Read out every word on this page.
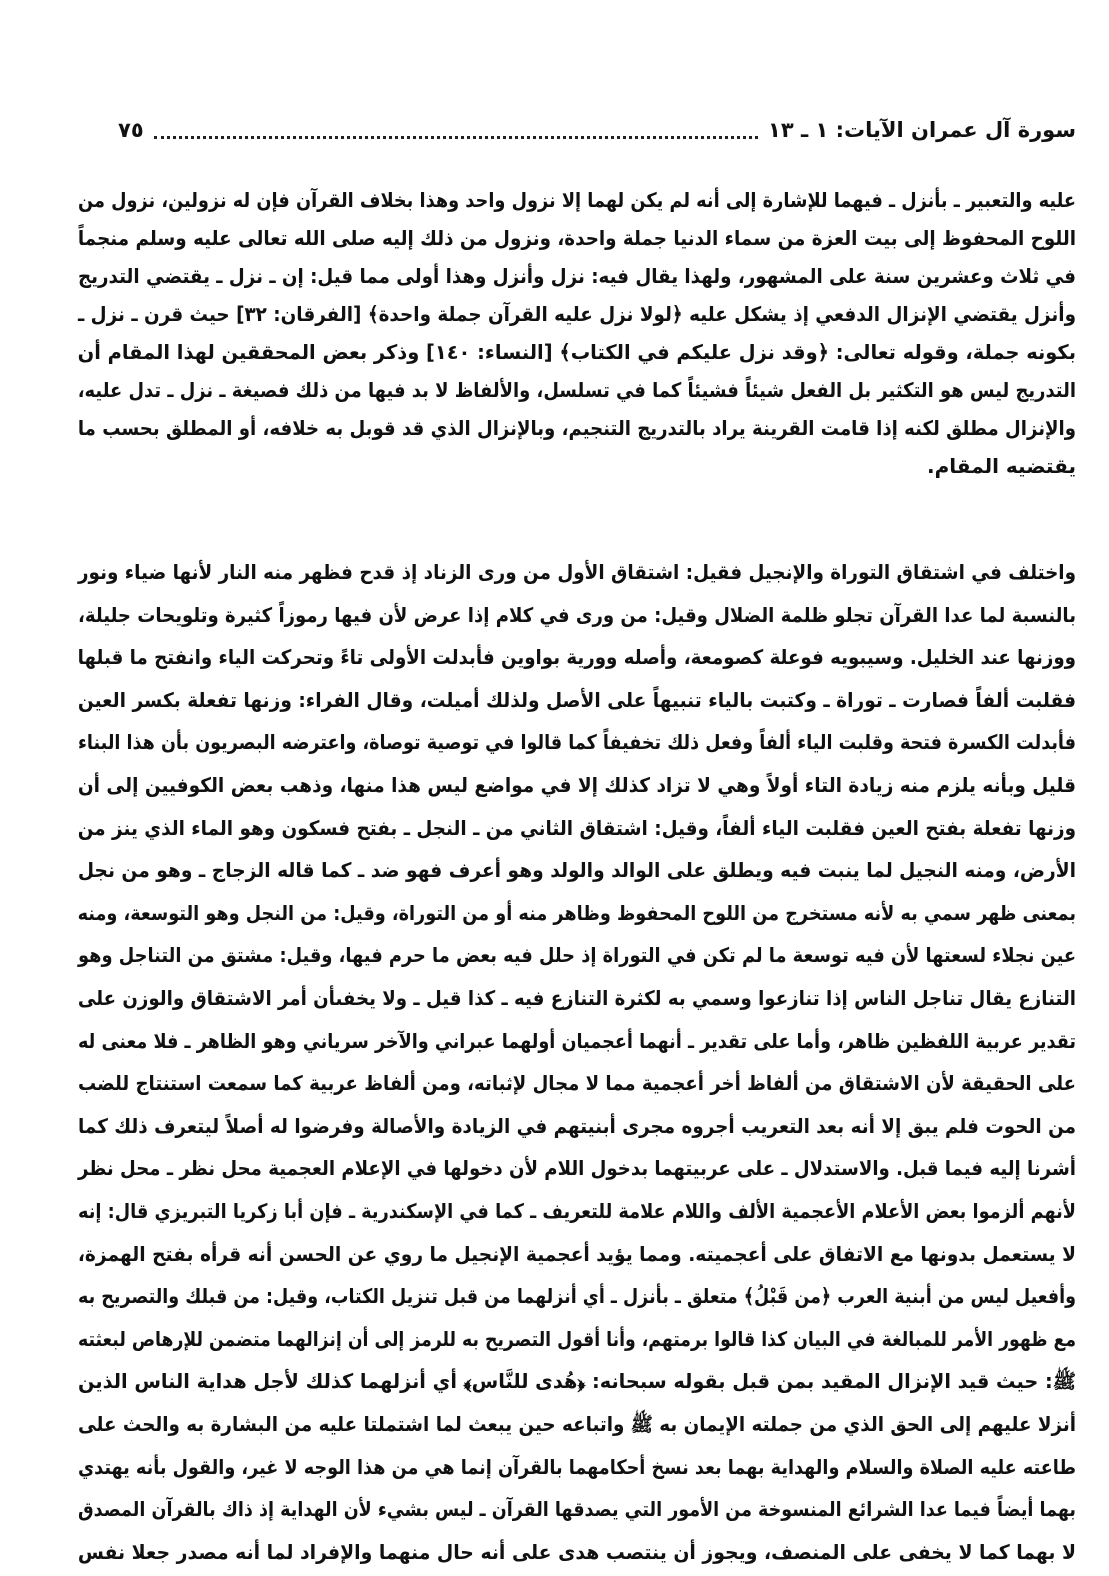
سورة آل عمران الآيات: ١ ـ ١٣
٧٥
عليه والتعبير ـ بأنزل ـ فيهما للإشارة إلى أنه لم يكن لهما إلا نزول واحد وهذا بخلاف القرآن فإن له نزولين، نزول من
اللوح المحفوظ إلى بيت العزة من سماء الدنيا جملة واحدة، ونزول من ذلك إليه صلى الله تعالى عليه وسلم منجماً
في ثلاث وعشرين سنة على المشهور، ولهذا يقال فيه: نزل وأنزل وهذا أولى مما قيل: إن ـ نزل ـ يقتضي التدريج
وأنزل يقتضي الإنزال الدفعي إذ يشكل عليه ﴿لولا نزل عليه القرآن جملة واحدة﴾ [الفرقان: ٣٢] حيث قرن ـ نزل ـ
بكونه جملة، وقوله تعالى: ﴿وقد نزل عليكم في الكتاب﴾ [النساء: ١٤٠] وذكر بعض المحققين لهذا المقام أن
التدريج ليس هو التكثير بل الفعل شيئاً فشيئاً كما في تسلسل، والألفاظ لا بد فيها من ذلك فصيغة ـ نزل ـ تدل عليه،
والإنزال مطلق لكنه إذا قامت القرينة يراد بالتدريج التنجيم، وبالإنزال الذي قد قوبل به خلافه، أو المطلق بحسب ما
يقتضيه المقام.
واختلف في اشتقاق التوراة والإنجيل فقيل: اشتقاق الأول من ورى الزناد إذ قدح فظهر منه النار لأنها ضياء ونور
بالنسبة لما عدا القرآن تجلو ظلمة الضلال وقيل: من ورى في كلام إذا عرض لأن فيها رموزاً كثيرة وتلويحات جليلة،
ووزنها عند الخليل. وسيبويه فوعلة كصومعة، وأصله وورية بواوين فأبدلت الأولى تاءً وتحركت الياء وانفتح ما قبلها
فقلبت ألفاً فصارت ـ توراة ـ وكتبت بالياء تنبيهاً على الأصل ولذلك أميلت، وقال الفراء: وزنها تفعلة بكسر العين
فأبدلت الكسرة فتحة وقلبت الياء ألفاً وفعل ذلك تخفيفاً كما قالوا في توصية توصاة، واعترضه البصريون بأن هذا البناء
قليل وبأنه يلزم منه زيادة التاء أولاً وهي لا تزاد كذلك إلا في مواضع ليس هذا منها، وذهب بعض الكوفيين إلى أن
وزنها تفعلة بفتح العين فقلبت الياء ألفاً، وقيل: اشتقاق الثاني من ـ النجل ـ بفتح فسكون وهو الماء الذي ينز من
الأرض، ومنه النجيل لما ينبت فيه ويطلق على الوالد والولد وهو أعرف فهو ضد ـ كما قاله الزجاج ـ وهو من نجل
بمعنى ظهر سمي به لأنه مستخرج من اللوح المحفوظ وظاهر منه أو من التوراة، وقيل: من النجل وهو التوسعة، ومنه
عين نجلاء لسعتها لأن فيه توسعة ما لم تكن في التوراة إذ حلل فيه بعض ما حرم فيها، وقيل: مشتق من التناجل وهو
التنازع يقال تناجل الناس إذا تنازعوا وسمي به لكثرة التنازع فيه ـ كذا قيل ـ ولا يخفىأن أمر الاشتقاق والوزن على
تقدير عربية اللفظين ظاهر، وأما على تقدير ـ أنهما أعجميان أولهما عبراني والآخر سرياني وهو الظاهر ـ فلا معنى له
على الحقيقة لأن الاشتقاق من ألفاظ أخر أعجمية مما لا مجال لإثباته، ومن ألفاظ عربية كما سمعت استنتاج للضب
من الحوت فلم يبق إلا أنه بعد التعريب أجروه مجرى أبنيتهم في الزيادة والأصالة وفرضوا له أصلاً ليتعرف ذلك كما
أشرنا إليه فيما قبل. والاستدلال ـ على عربيتهما بدخول اللام لأن دخولها في الإعلام العجمية محل نظر ـ محل نظر
لأنهم ألزموا بعض الأعلام الأعجمية الألف واللام علامة للتعريف ـ كما في الإسكندرية ـ فإن أبا زكريا التبريزي قال: إنه
لا يستعمل بدونها مع الاتفاق على أعجميته. ومما يؤيد أعجمية الإنجيل ما روي عن الحسن أنه قرأه بفتح الهمزة،
وأفعيل ليس من أبنية العرب ﴿من قَبْلُ﴾ متعلق ـ بأنزل ـ أي أنزلهما من قبل تنزيل الكتاب، وقيل: من قبلك والتصريح به
مع ظهور الأمر للمبالغة في البيان كذا قالوا برمتهم، وأنا أقول التصريح به للرمز إلى أن إنزالهما متضمن للإرهاص لبعثته
ﷺ: حيث قيد الإنزال المقيد بمن قبل بقوله سبحانه: ﴿هُدى للنَّاس﴾ أي أنزلهما كذلك لأجل هداية الناس الذين
أنزلا عليهم إلى الحق الذي من جملته الإيمان به ﷺ واتباعه حين يبعث لما اشتملتا عليه من البشارة به والحث على
طاعته عليه الصلاة والسلام والهداية بهما بعد نسخ أحكامهما بالقرآن إنما هي من هذا الوجه لا غير، والقول بأنه يهتدي
بهما أيضاً فيما عدا الشرائع المنسوخة من الأمور التي يصدقها القرآن ـ ليس بشيء لأن الهداية إذ ذاك بالقرآن المصدق
لا بهما كما لا يخفى على المنصف، ويجوز أن ينتصب هدى على أنه حال منهما والإفراد لما أنه مصدر جعلا نفس
